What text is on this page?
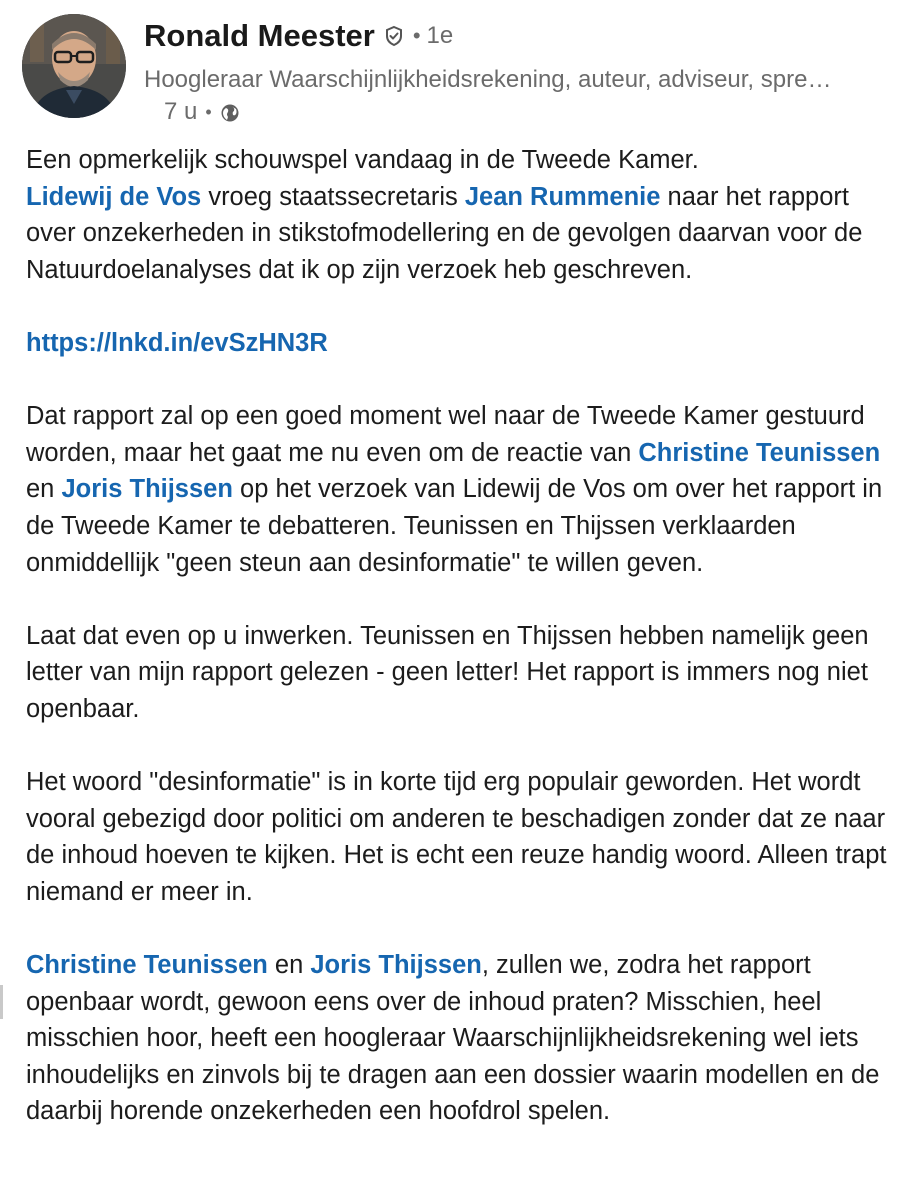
Ronald Meester • 1e
Hoogleraar Waarschijnlijkheidsrekening, auteur, adviseur, spre…
7 u •

Een opmerkelijk schouwspel vandaag in de Tweede Kamer.
Lidewij de Vos vroeg staatssecretaris Jean Rummenie naar het rapport over onzekerheden in stikstofmodellering en de gevolgen daarvan voor de Natuurdoelanalyses dat ik op zijn verzoek heb geschreven.

https://lnkd.in/evSzHN3R

Dat rapport zal op een goed moment wel naar de Tweede Kamer gestuurd worden, maar het gaat me nu even om de reactie van Christine Teunissen en Joris Thijssen op het verzoek van Lidewij de Vos om over het rapport in de Tweede Kamer te debatteren. Teunissen en Thijssen verklaarden onmiddellijk "geen steun aan desinformatie" te willen geven.

Laat dat even op u inwerken. Teunissen en Thijssen hebben namelijk geen letter van mijn rapport gelezen - geen letter! Het rapport is immers nog niet openbaar.

Het woord "desinformatie" is in korte tijd erg populair geworden. Het wordt vooral gebezigd door politici om anderen te beschadigen zonder dat ze naar de inhoud hoeven te kijken. Het is echt een reuze handig woord. Alleen trapt niemand er meer in.

Christine Teunissen en Joris Thijssen, zullen we, zodra het rapport openbaar wordt, gewoon eens over de inhoud praten? Misschien, heel misschien hoor, heeft een hoogleraar Waarschijnlijkheidsrekening wel iets inhoudelijks en zinvols bij te dragen aan een dossier waarin modellen en de daarbij horende onzekerheden een hoofdrol spelen.
